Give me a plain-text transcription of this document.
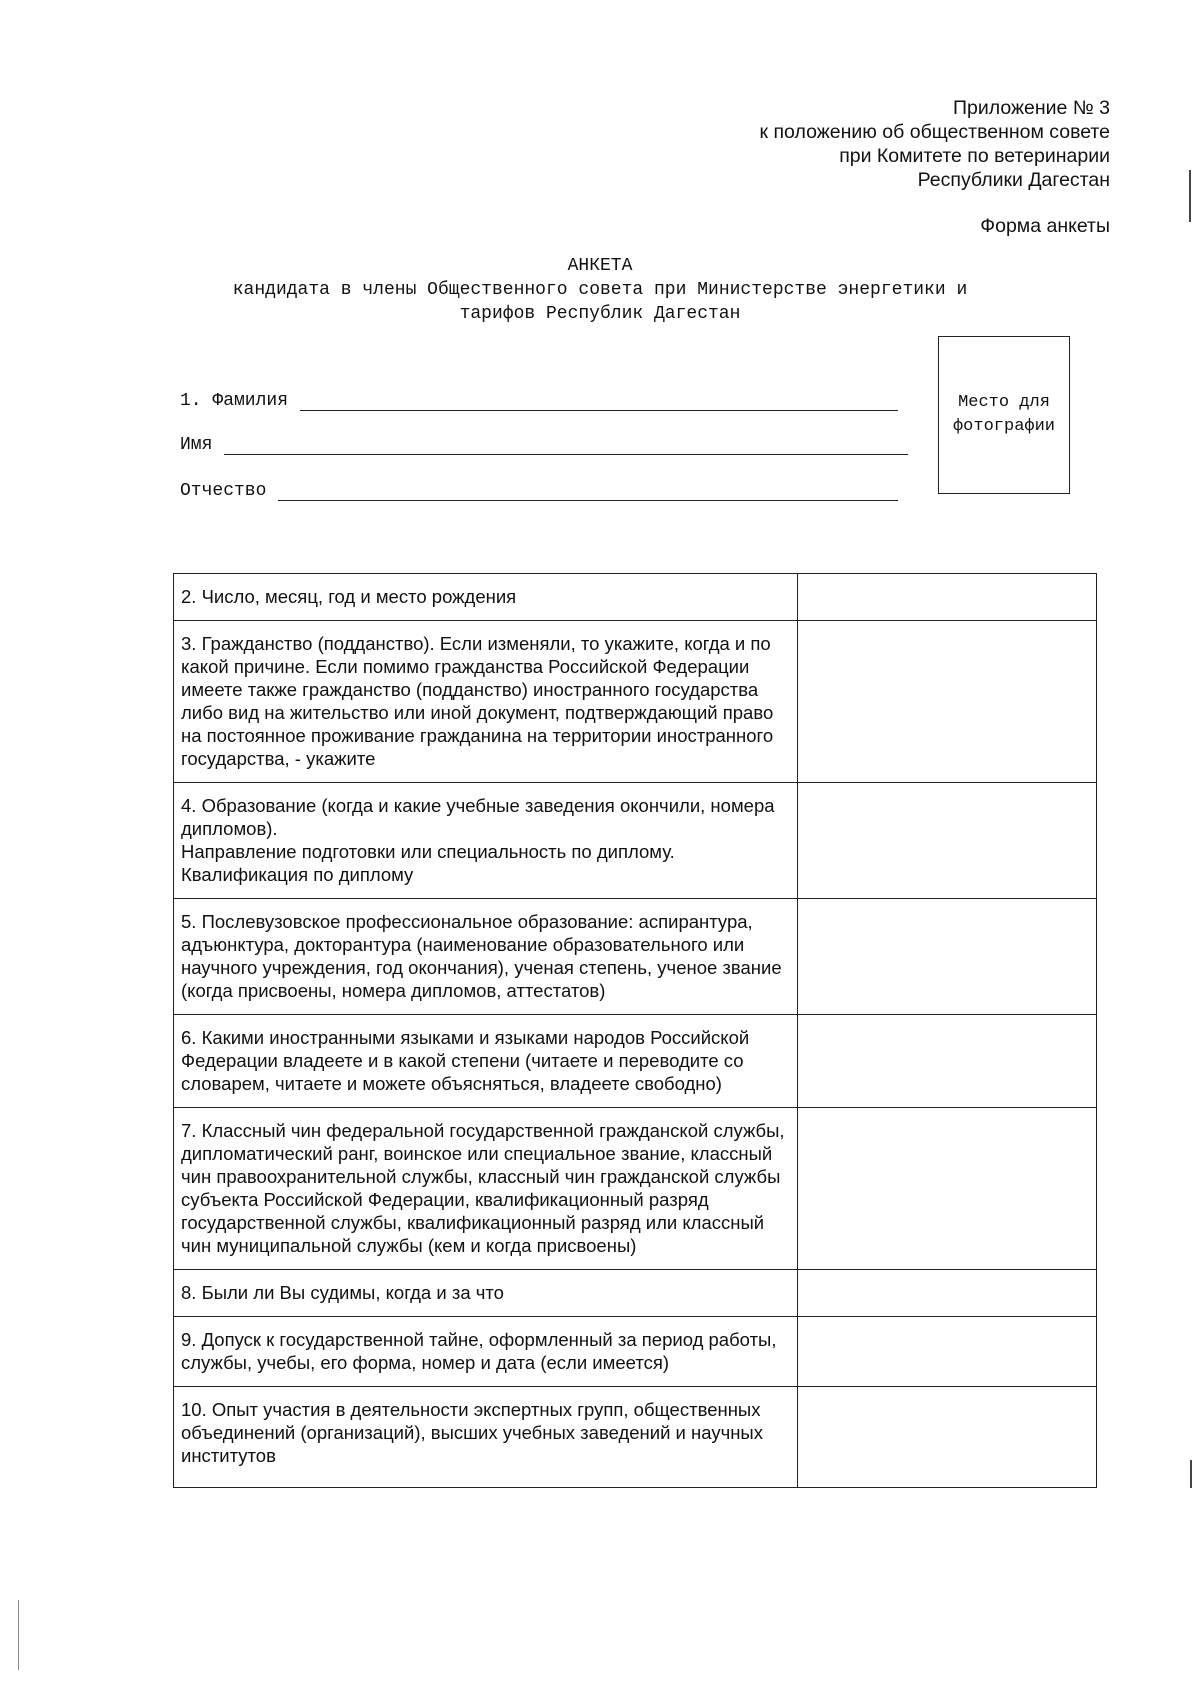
Приложение № 3
к положению об общественном совете
при Комитете по ветеринарии
Республики Дагестан
Форма анкеты
АНКЕТА
кандидата в члены Общественного совета при Министерстве энергетики и
тарифов Республик Дагестан
Место для
фотографии
1. Фамилия
Имя
Отчество
2. Число, месяц, год и место рождения	
3. Гражданство (подданство). Если изменяли, то укажите, когда и по какой причине. Если помимо гражданства Российской Федерации имеете также гражданство (подданство) иностранного государства либо вид на жительство или иной документ, подтверждающий право на постоянное проживание гражданина на территории иностранного государства, - укажите	
4. Образование (когда и какие учебные заведения окончили, номера дипломов).
Направление подготовки или специальность по диплому.
Квалификация по диплому	
5. Послевузовское профессиональное образование: аспирантура, адъюнктура, докторантура (наименование образовательного или научного учреждения, год окончания), ученая степень, ученое звание (когда присвоены, номера дипломов, аттестатов)	
6. Какими иностранными языками и языками народов Российской Федерации владеете и в какой степени (читаете и переводите со словарем, читаете и можете объясняться, владеете свободно)	
7. Классный чин федеральной государственной гражданской службы, дипломатический ранг, воинское или специальное звание, классный чин правоохранительной службы, классный чин гражданской службы субъекта Российской Федерации, квалификационный разряд государственной службы, квалификационный разряд или классный чин муниципальной службы (кем и когда присвоены)	
8. Были ли Вы судимы, когда и за что	
9. Допуск к государственной тайне, оформленный за период работы, службы, учебы, его форма, номер и дата (если имеется)	
10. Опыт участия в деятельности экспертных групп, общественных объединений (организаций), высших учебных заведений и научных институтов	
